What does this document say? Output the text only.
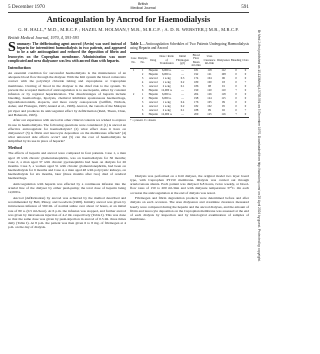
5 December 1970	British
Medical Journal	591
Anticoagulation by Ancrod for Haemodialysis
G. H. HALL,* M.D., M.R.C.P. ; HAZEL M. HOLMAN,† M.B., M.R.C.P. ; A. D. R. WEBSTER,‡ M.B., M.R.C.P.
British Medical Journal, 1970, 4, 591-593
Summary: The defibrinating agent ancrod (Arvin) was used instead of heparin for intermittent haemodialysis in two patients, and appeared to be a safe anticoagulant and reduced the deposition of fibrin and leucocytes on the Cuprophan membrane. Administration was more complicated and urea dialysance was less with ancrod than with heparin.
Introduction

An essential condition for successful haemodialysis is the maintenance of an adequate blood flow through the dialyser. With the Kiil system the blood comes into contact with the polyvinyl chloride tubing and cuprophane or Cuprophan membrane. Clotting of blood in the dialyser is the chief risk to the system. To prevent the accepted method of anticoagulation is to use heparin, either by constant infusion or by regional heparinization. The disadvantages of heparin include bleeding, haemorrhage, lipolysis, chemical inhibition spontaneous haemorrhage, hypoaldosteronism, alopecia, and more rarely osteoporosis (Griffith, Nichols, Asher, and Flanagan, 1965; Anand et al., 1968). Ancrod, the venom of the Malayan pit viper and produces its anticoagulant effect by defibrination (Reid, Thean, Chan, and Baharom, 1963).

After our experience with ancrod in other clinical contexts we wished to explore its use in haemodialysis. The following questions were considered: (1) is ancrod an effective anticoagulant for haemodialysis? (2) what effect does it have on dialysance? (3) is fibrin and leucocyte deposition on the membranes affected? (4) what untoward side effects occur? and (5) can the cost of haemodialysis be simplified by its use in place of heparin?

Method

The effects of heparin and ancrod were compared in four patients. Case 1, a man aged 18 with chronic glomerulonephritis, was on haemodialysis for 36 months; Case 2, a man aged 37 with chronic pyelonephritis had been on dialysis for 26 months. Case 3, a woman aged 51 with chronic glomerulonephritis, had been on haemodialysis for 6 months and Case 4, a man aged 48 with polycystic kidneys, on haemodialysis for six months, later (three months after two) died of cerebral haemorrhage.

Anticoagulation with heparin was effected by a continuous infusion into the arterial line of the dialyser by either push-pump; the total dose of heparin being 12,000 u.

Ancrod (defibrination) by ancrod was achieved by the method described and recommended by Bell, Pitney, and Goodwin (1968). Initially ancrod was given by intravenous infusion of 560 ml. of normal saline over about 12 hours, at an initial rate of 80 u. (0.5 ml./hour). At 6 p.m. the infusion was stopped, and further ancrod was given by intravenous injection of 4.2 ml. respectively (Table I). This was done so that the same dose was given by push-injection in ancrod of 0.5 ml. three times daily (Table I). At 8 p.m. the patient was then given 6 to 8 mg. of fibrinogen at 4 p.m. on the day of dialysis.

Table I.—Anticoagulation Schedules of Two Patients Undergoing Haemodialysis using Heparin and Ancrod
Case No.	Dialysis No.	Drug	Dose / Ratio of Transfusion	Initial Fibrinogen (g/l)	Blood Flow Mean ml./min	Urea Clearance ml./min	Dialysance	Bleeding	Clots
1	1	Heparin	6,000 u.	—	181	118	112	0	0
	2	Heparin	6,000 u.	—	192	121	108	0	0
	3	Ancrod	1 u./kg	0.3	174	104	96	0	0
	4	Ancrod	1 u./kg	0.2	180	100	93	0	+
	5	Ancrod	2 u./kg	0.1	186	98	91	0	0
	6	Heparin	12,000 u.	—	190	120	110	+	0
2	1	Heparin	6,000 u.	—	204	126	118	0	0
	2	Heparin	6,000 u.	—	198	124	115	0	0
	3	Ancrod	1 u./kg	0.4	176	105	99	0	0
	4	Ancrod	1 u./kg	0.2	182	102	95	0	0
	5	Ancrod	2 u./kg	0.1	188	99	92	0	+
	6	Heparin	12,000 u.	—	200	125	116	+	0
+ = present. 0 = absent.

Dialysis was performed on a Kiil dialyser, the original model two layer board type, with Cuprophan PT150 membrane. Dialysis was carried out through arteriovenous shunts. Each patient was dialysed 6-8 hours, twice weekly, at blood-flow rates of 150 to 200 ml./min and with dialysate temperature 37°C. On each occasion the anticoagulation at the end of dialysis was noted.

Fibrinogen and fibrin degradation products were determined before and after dialysis on each occasion. The urea dialysance and creatinine clearance measured hourly were compared during the heparin and the ancrod dialyses, and the amount of fibrin and leucocyte deposition on the Cuprophan membrane was assessed at the end of each dialysis by inspection and by histological examination of samples of membrane.	Br Med J: first published as 10.1136/bmj.4.5735.591 on 5 December 1970. Downloaded from http://www.bmj.com/ on 25 April 2024 by guest. Protected by copyright.
